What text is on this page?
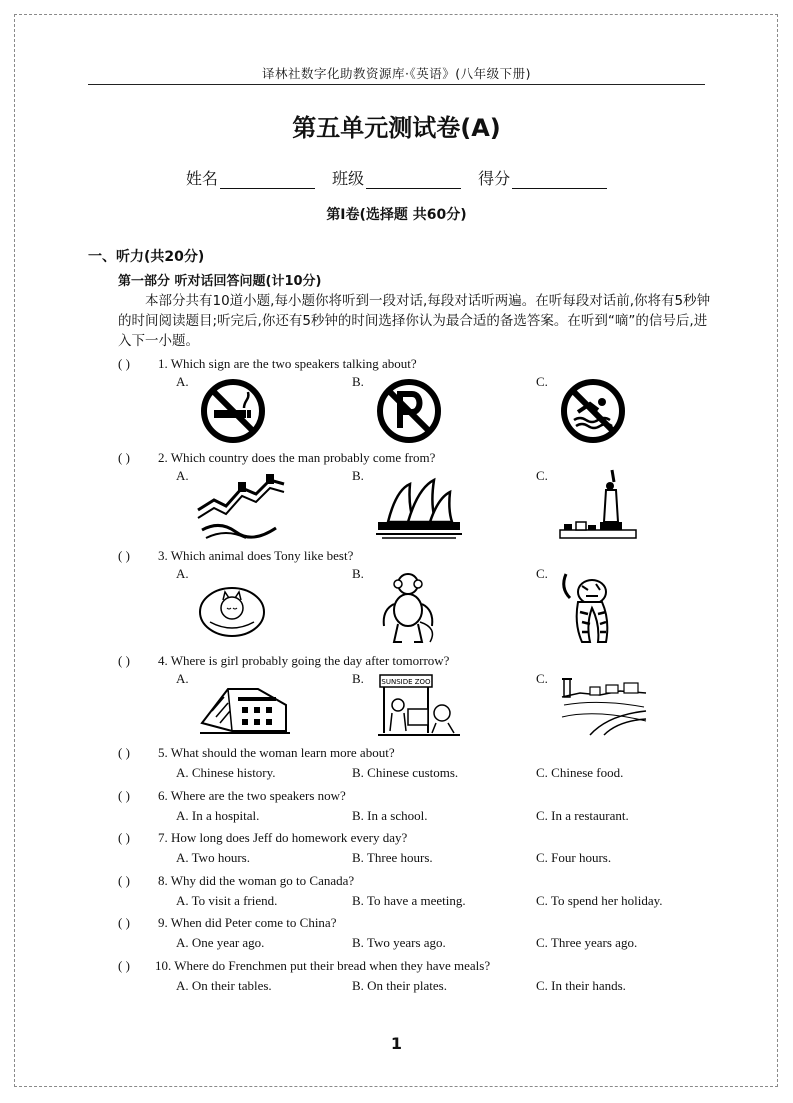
译林社数字化助教资源库·《英语》(八年级下册)
第五单元测试卷(A)
姓名	班级	得分
第Ⅰ卷(选择题 共60分)
一、听力(共20分)
第一部分 听对话回答问题(计10分)

本部分共有10道小题,每小题你将听到一段对话,每段对话听两遍。在听每段对话前,你将有5秒钟的时间阅读题目;听完后,你还有5秒钟的时间选择你认为最合适的备选答案。在听到“嘀”的信号后,进入下一小题。

( ) 1. Which sign are the two speakers talking about?
A.	B.	C.
( ) 2. Which country does the man probably come from?
A.	B.	C.
( ) 3. Which animal does Tony like best?
A.	B.	C.
( ) 4. Where is girl probably going the day after tomorrow?
A.	B. SUNSIDE ZOO	C.
( ) 5. What should the woman learn more about?
A. Chinese history.	B. Chinese customs.	C. Chinese food.
( ) 6. Where are the two speakers now?
A. In a hospital.	B. In a school.	C. In a restaurant.
( ) 7. How long does Jeff do homework every day?
A. Two hours.	B. Three hours.	C. Four hours.
( ) 8. Why did the woman go to Canada?
A. To visit a friend.	B. To have a meeting.	C. To spend her holiday.
( ) 9. When did Peter come to China?
A. One year ago.	B. Two years ago.	C. Three years ago.
( ) 10. Where do Frenchmen put their bread when they have meals?
A. On their tables.	B. On their plates.	C. In their hands.
1
